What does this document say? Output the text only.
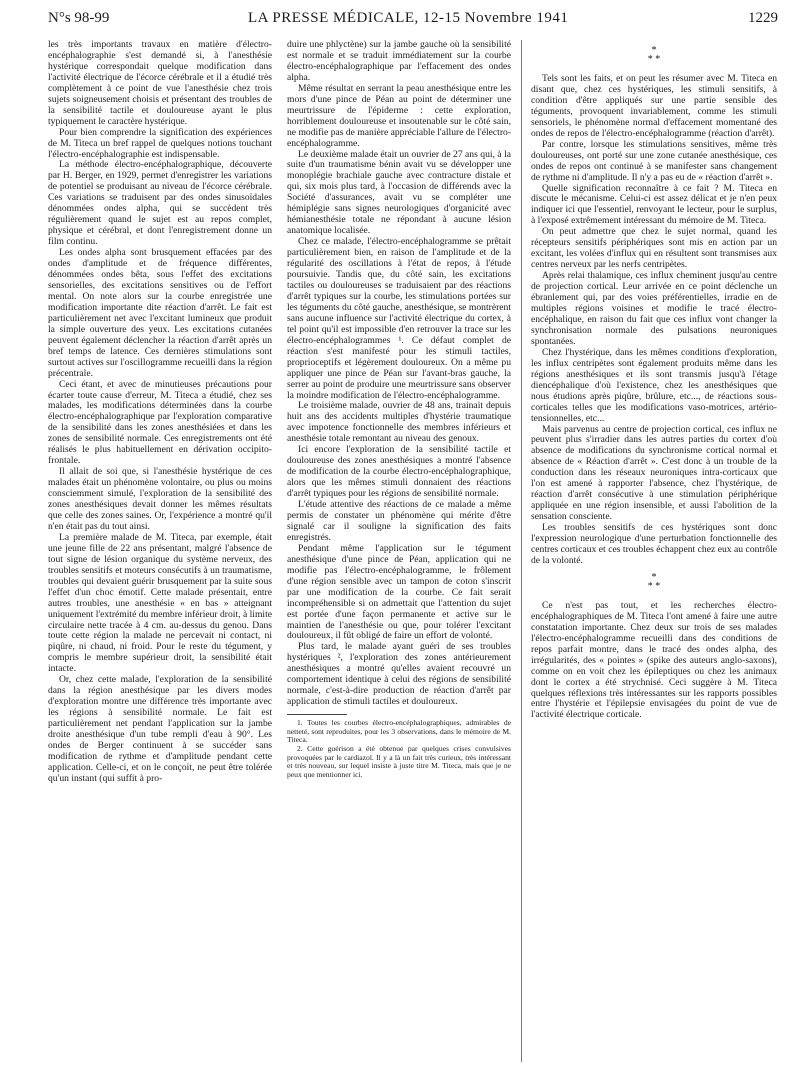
N°s 98-99	LA PRESSE MÉDICALE, 12-15 Novembre 1941	1229

les très importants travaux en matière d'électro-encéphalographie s'est demandé si, à l'anesthésie hystérique correspondait quelque modification dans l'activité électrique de l'écorce cérébrale et il a étudié très complètement à ce point de vue l'anesthésie chez trois sujets soigneusement choisis et présentant des troubles de la sensibilité tactile et douloureuse ayant le plus typiquement le caractère hystérique.

Pour bien comprendre la signification des expériences de M. Titeca un bref rappel de quelques notions touchant l'électro-encéphalographie est indispensable.

La méthode électro-encéphalographique, découverte par H. Berger, en 1929, permet d'enregistrer les variations de potentiel se produisant au niveau de l'écorce cérébrale. Ces variations se traduisent par des ondes sinusoïdales dénommées ondes alpha, qui se succèdent très régulièrement quand le sujet est au repos complet, physique et cérébral, et dont l'enregistrement donne un film continu.

Les ondes alpha sont brusquement effacées par des ondes d'amplitude et de fréquence différentes, dénommées ondes bêta, sous l'effet des excitations sensorielles, des excitations sensitives ou de l'effort mental. On note alors sur la courbe enregistrée une modification importante dite réaction d'arrêt. Le fait est particulièrement net avec l'excitant lumineux que produit la simple ouverture des yeux. Les excitations cutanées peuvent également déclencher la réaction d'arrêt après un bref temps de latence. Ces dernières stimulations sont surtout actives sur l'oscillogramme recueilli dans la région précentrale.

Ceci étant, et avec de minutieuses précautions pour écarter toute cause d'erreur, M. Titeca a étudié, chez ses malades, les modifications déterminées dans la courbe électro-encéphalographique par l'exploration comparative de la sensibilité dans les zones anesthésiées et dans les zones de sensibilité normale. Ces enregistrements ont été réalisés le plus habituellement en dérivation occipito-frontale.

Il allait de soi que, si l'anesthésie hystérique de ces malades était un phénomène volontaire, ou plus ou moins consciemment simulé, l'exploration de la sensibilité des zones anesthésiques devait donner les mêmes résultats que celle des zones saines. Or, l'expérience a montré qu'il n'en était pas du tout ainsi.

La première malade de M. Titeca, par exemple, était une jeune fille de 22 ans présentant, malgré l'absence de tout signe de lésion organique du système nerveux, des troubles sensitifs et moteurs consécutifs à un traumatisme, troubles qui devaient guérir brusquement par la suite sous l'effet d'un choc émotif. Cette malade présentait, entre autres troubles, une anesthésie « en bas » atteignant uniquement l'extrémité du membre inférieur droit, à limite circulaire nette tracée à 4 cm. au-dessus du genou. Dans toute cette région la malade ne percevait ni contact, ni piqûre, ni chaud, ni froid. Pour le reste du tégument, y compris le membre supérieur droit, la sensibilité était intacte.

Or, chez cette malade, l'exploration de la sensibilité dans la région anesthésique par les divers modes d'exploration montre une différence très importante avec les régions à sensibilité normale. Le fait est particulièrement net pendant l'application sur la jambe droite anesthésique d'un tube rempli d'eau à 90°. Les ondes de Berger continuent à se succéder sans modification de rythme et d'amplitude pendant cette application. Celle-ci, et on le conçoit, ne peut être tolérée qu'un instant (qui suffit à pro-

duire une phlyctène) sur la jambe gauche où la sensibilité est normale et se traduit immédiatement sur la courbe électro-encéphalographique par l'effacement des ondes alpha.

Même résultat en serrant la peau anesthésique entre les mors d'une pince de Péan au point de déterminer une meurtrissure de l'épiderme : cette exploration, horriblement douloureuse et insoutenable sur le côté sain, ne modifie pas de manière appréciable l'allure de l'électro-encéphalogramme.

Le deuxième malade était un ouvrier de 27 ans qui, à la suite d'un traumatisme bénin avait vu se développer une monoplégie brachiale gauche avec contracture distale et qui, six mois plus tard, à l'occasion de différends avec la Société d'assurances, avait vu se compléter une hémiplégie sans signes neurologiques d'organicité avec hémianesthésie totale ne répondant à aucune lésion anatomique localisée.

Chez ce malade, l'électro-encéphalogramme se prêtait particulièrement bien, en raison de l'amplitude et de la régularité des oscillations à l'état de repos, à l'étude poursuivie. Tandis que, du côté sain, les excitations tactiles ou douloureuses se traduisaient par des réactions d'arrêt typiques sur la courbe, les stimulations portées sur les téguments du côté gauche, anesthésique, se montrèrent sans aucune influence sur l'activité électrique du cortex, à tel point qu'il est impossible d'en retrouver la trace sur les électro-encéphalogrammes ¹. Ce défaut complet de réaction s'est manifesté pour les stimuli tactiles, proprioceptifs et légèrement douloureux. On a même pu appliquer une pince de Péan sur l'avant-bras gauche, la serrer au point de produire une meurtrissure sans observer la moindre modification de l'électro-encéphalogramme.

Le troisième malade, ouvrier de 48 ans, trainait depuis huit ans des accidents multiples d'hystérie traumatique avec impotence fonctionnelle des membres inférieurs et anesthésie totale remontant au niveau des genoux.

Ici encore l'exploration de la sensibilité tactile et douloureuse des zones anesthésiques a montré l'absence de modification de la courbe électro-encéphalographique, alors que les mêmes stimuli donnaient des réactions d'arrêt typiques pour les régions de sensibilité normale.

L'étude attentive des réactions de ce malade a même permis de constater un phénomène qui mérite d'être signalé car il souligne la signification des faits enregistrés.

Pendant même l'application sur le tégument anesthésique d'une pince de Péan, application qui ne modifie pas l'électro-encéphalogramme, le frôlement d'une région sensible avec un tampon de coton s'inscrit par une modification de la courbe. Ce fait serait incompréhensible si on admettait que l'attention du sujet est portée d'une façon permanente et active sur le maintien de l'anesthésie ou que, pour tolérer l'excitant douloureux, il fût obligé de faire un effort de volonté.

Plus tard, le malade ayant guéri de ses troubles hystériques ², l'exploration des zones antérieurement anesthésiques a montré qu'elles avaient recouvré un comportement identique à celui des régions de sensibilité normale, c'est-à-dire production de réaction d'arrêt par application de stimuli tactiles et douloureux.

1. Toutes les courbes électro-encéphalographiques, admirables de netteté, sont reproduites, pour les 3 observations, dans le mémoire de M. Titeca.

2. Cette guérison a été obtenue par quelques crises convulsives provoquées par le cardiazol. Il y a là un fait très curieux, très intéressant et très nouveau, sur lequel insiste à juste titre M. Titeca, mais que je ne peux que mentionner ici.

*
* *

Tels sont les faits, et on peut les résumer avec M. Titeca en disant que, chez ces hystériques, les stimuli sensitifs, à condition d'être appliqués sur une partie sensible des téguments, provoquent invariablement, comme les stimuli sensoriels, le phénomène normal d'effacement momentané des ondes de repos de l'électro-encéphalogramme (réaction d'arrêt).

Par contre, lorsque les stimulations sensitives, même très douloureuses, ont porté sur une zone cutanée anesthésique, ces ondes de repos ont continué à se manifester sans changement de rythme ni d'amplitude. Il n'y a pas eu de « réaction d'arrêt ».

Quelle signification reconnaître à ce fait ? M. Titeca en discute le mécanisme. Celui-ci est assez délicat et je n'en peux indiquer ici que l'essentiel, renvoyant le lecteur, pour le surplus, à l'exposé extrêmement intéressant du mémoire de M. Titeca.

On peut admettre que chez le sujet normal, quand les récepteurs sensitifs périphériques sont mis en action par un excitant, les volées d'influx qui en résultent sont transmises aux centres nerveux par les nerfs centripètes.

Après relai thalamique, ces influx cheminent jusqu'au centre de projection cortical. Leur arrivée en ce point déclenche un ébranlement qui, par des voies préférentielles, irradie en de multiples régions voisines et modifie le tracé électro-encéphalique, en raison du fait que ces influx vont changer la synchronisation normale des pulsations neuroniques spontanées.

Chez l'hystérique, dans les mêmes conditions d'exploration, les influx centripètes sont également produits même dans les régions anesthésiques et ils sont transmis jusqu'à l'étage diencéphalique d'où l'existence, chez les anesthésiques que nous étudions après piqûre, brûlure, etc..., de réactions sous-corticales telles que les modifications vaso-motrices, artério-tensionnelles, etc...

Mais parvenus au centre de projection cortical, ces influx ne peuvent plus s'irradier dans les autres parties du cortex d'où absence de modifications du synchronisme cortical normal et absence de « Réaction d'arrêt ». C'est donc à un trouble de la conduction dans les réseaux neuroniques intra-corticaux que l'on est amené à rapporter l'absence, chez l'hystérique, de réaction d'arrêt consécutive à une stimulation périphérique appliquée en une région insensible, et aussi l'abolition de la sensation consciente.

Les troubles sensitifs de ces hystériques sont donc l'expression neurologique d'une perturbation fonctionnelle des centres corticaux et ces troubles échappent chez eux au contrôle de la volonté.

*
* *

Ce n'est pas tout, et les recherches électro-encéphalographiques de M. Titeca l'ont amené à faire une autre constatation importante. Chez deux sur trois de ses malades l'électro-encéphalogramme recueilli dans des conditions de repos parfait montre, dans le tracé des ondes alpha, des irrégularités, des « pointes » (spike des auteurs anglo-saxons), comme on en voit chez les épileptiques ou chez les animaux dont le cortex a été strychnisé. Ceci suggère à M. Titeca quelques réflexions très intéressantes sur les rapports possibles entre l'hystérie et l'épilepsie envisagées du point de vue de l'activité électrique corticale.
